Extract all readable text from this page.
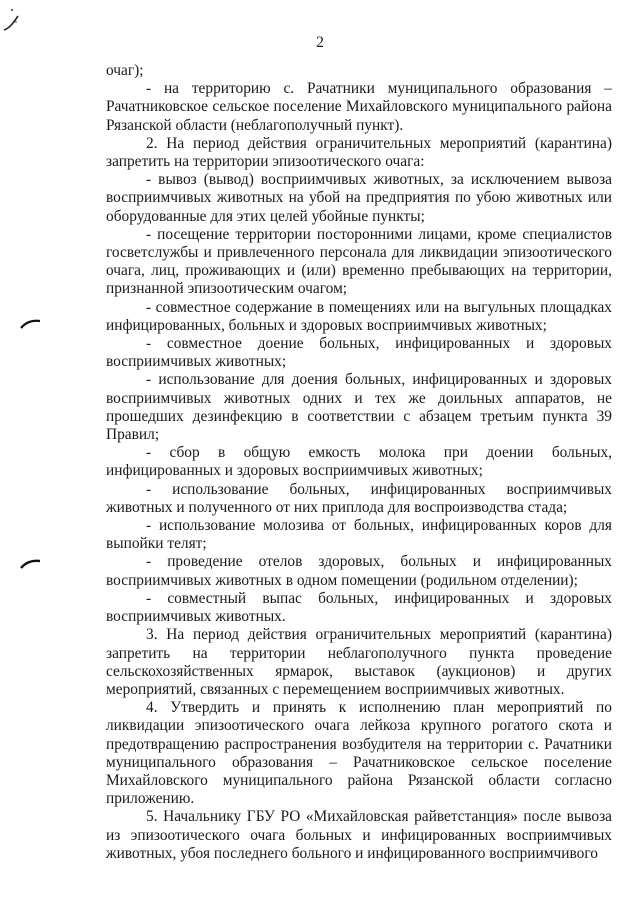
2

очаг);

- на территорию с. Рачатники муниципального образования – Рачатниковское сельское поселение Михайловского муниципального района Рязанской области (неблагополучный пункт).

2. На период действия ограничительных мероприятий (карантина) запретить на территории эпизоотического очага:

- вывоз (вывод) восприимчивых животных, за исключением вывоза восприимчивых животных на убой на предприятия по убою животных или оборудованные для этих целей убойные пункты;

- посещение территории посторонними лицами, кроме специалистов госветслужбы и привлеченного персонала для ликвидации эпизоотического очага, лиц, проживающих и (или) временно пребывающих на территории, признанной эпизоотическим очагом;

- совместное содержание в помещениях или на выгульных площадках инфицированных, больных и здоровых восприимчивых животных;

- совместное доение больных, инфицированных и здоровых восприимчивых животных;

- использование для доения больных, инфицированных и здоровых восприимчивых животных одних и тех же доильных аппаратов, не прошедших дезинфекцию в соответствии с абзацем третьим пункта 39 Правил;

- сбор в общую емкость молока при доении больных, инфицированных и здоровых восприимчивых животных;

- использование больных, инфицированных восприимчивых животных и полученного от них приплода для воспроизводства стада;

- использование молозива от больных, инфицированных коров для выпойки телят;

- проведение отелов здоровых, больных и инфицированных восприимчивых животных в одном помещении (родильном отделении);

- совместный выпас больных, инфицированных и здоровых восприимчивых животных.

3. На период действия ограничительных мероприятий (карантина) запретить на территории неблагополучного пункта проведение сельскохозяйственных ярмарок, выставок (аукционов) и других мероприятий, связанных с перемещением восприимчивых животных.

4. Утвердить и принять к исполнению план мероприятий по ликвидации эпизоотического очага лейкоза крупного рогатого скота и предотвращению распространения возбудителя на территории с. Рачатники муниципального образования – Рачатниковское сельское поселение Михайловского муниципального района Рязанской области согласно приложению.

5. Начальнику ГБУ РО «Михайловская райветстанция» после вывоза из эпизоотического очага больных и инфицированных восприимчивых животных, убоя последнего больного и инфицированного восприимчивого
